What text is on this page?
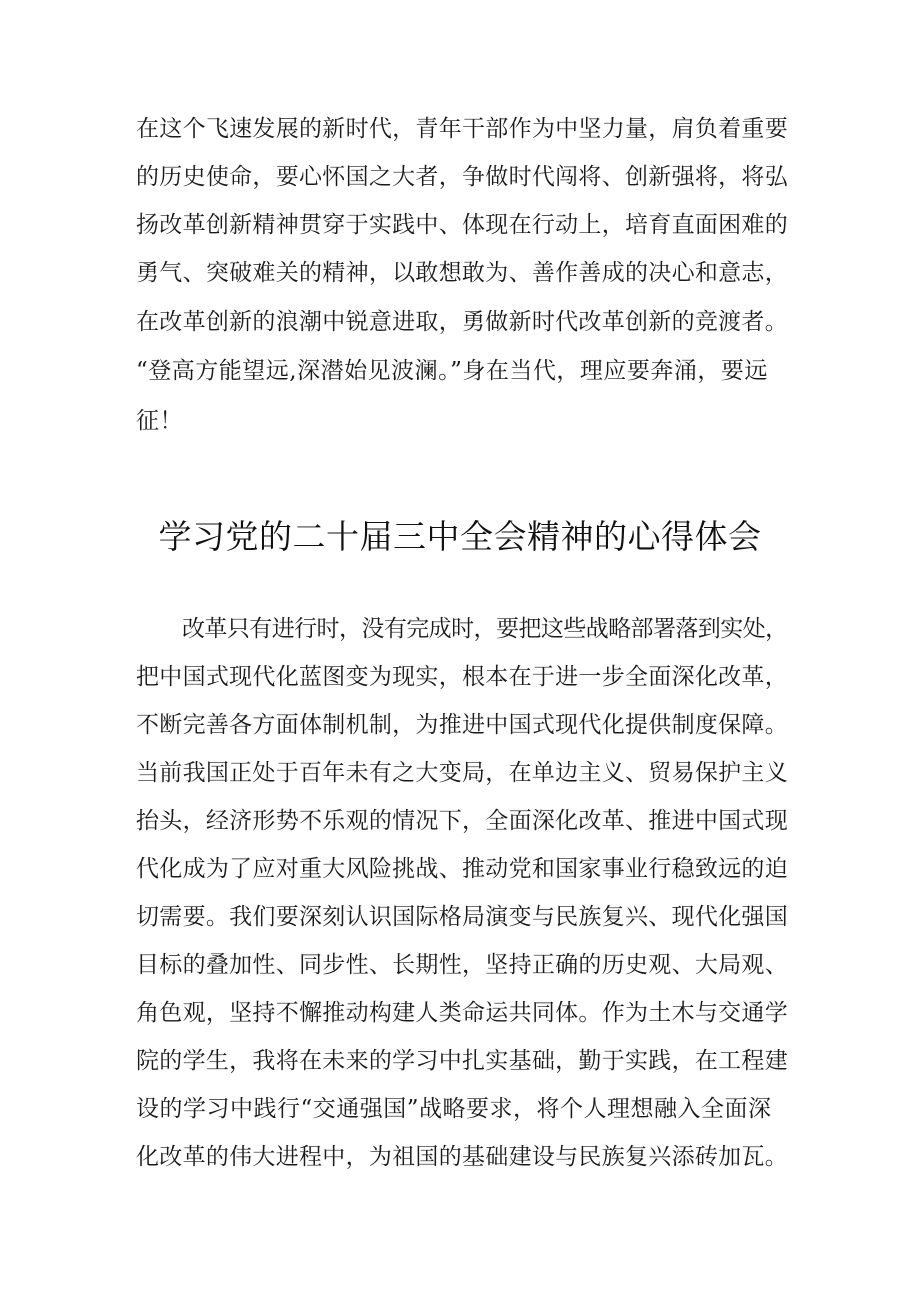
在这个飞速发展的新时代，青年干部作为中坚力量，肩负着重要
的历史使命，要心怀国之大者，争做时代闯将、创新强将，将弘
扬改革创新精神贯穿于实践中、体现在行动上，培育直面困难的
勇气、突破难关的精神，以敢想敢为、善作善成的决心和意志，
在改革创新的浪潮中锐意进取，勇做新时代改革创新的竞渡者。
“登高方能望远,深潜始见波澜。”身在当代，理应要奔涌，要远
征！
学习党的二十届三中全会精神的心得体会
改革只有进行时，没有完成时，要把这些战略部署落到实处，
把中国式现代化蓝图变为现实，根本在于进一步全面深化改革，
不断完善各方面体制机制，为推进中国式现代化提供制度保障。
当前我国正处于百年未有之大变局，在单边主义、贸易保护主义
抬头，经济形势不乐观的情况下，全面深化改革、推进中国式现
代化成为了应对重大风险挑战、推动党和国家事业行稳致远的迫
切需要。我们要深刻认识国际格局演变与民族复兴、现代化强国
目标的叠加性、同步性、长期性，坚持正确的历史观、大局观、
角色观，坚持不懈推动构建人类命运共同体。作为土木与交通学
院的学生，我将在未来的学习中扎实基础，勤于实践，在工程建
设的学习中践行“交通强国”战略要求，将个人理想融入全面深
化改革的伟大进程中，为祖国的基础建设与民族复兴添砖加瓦。
